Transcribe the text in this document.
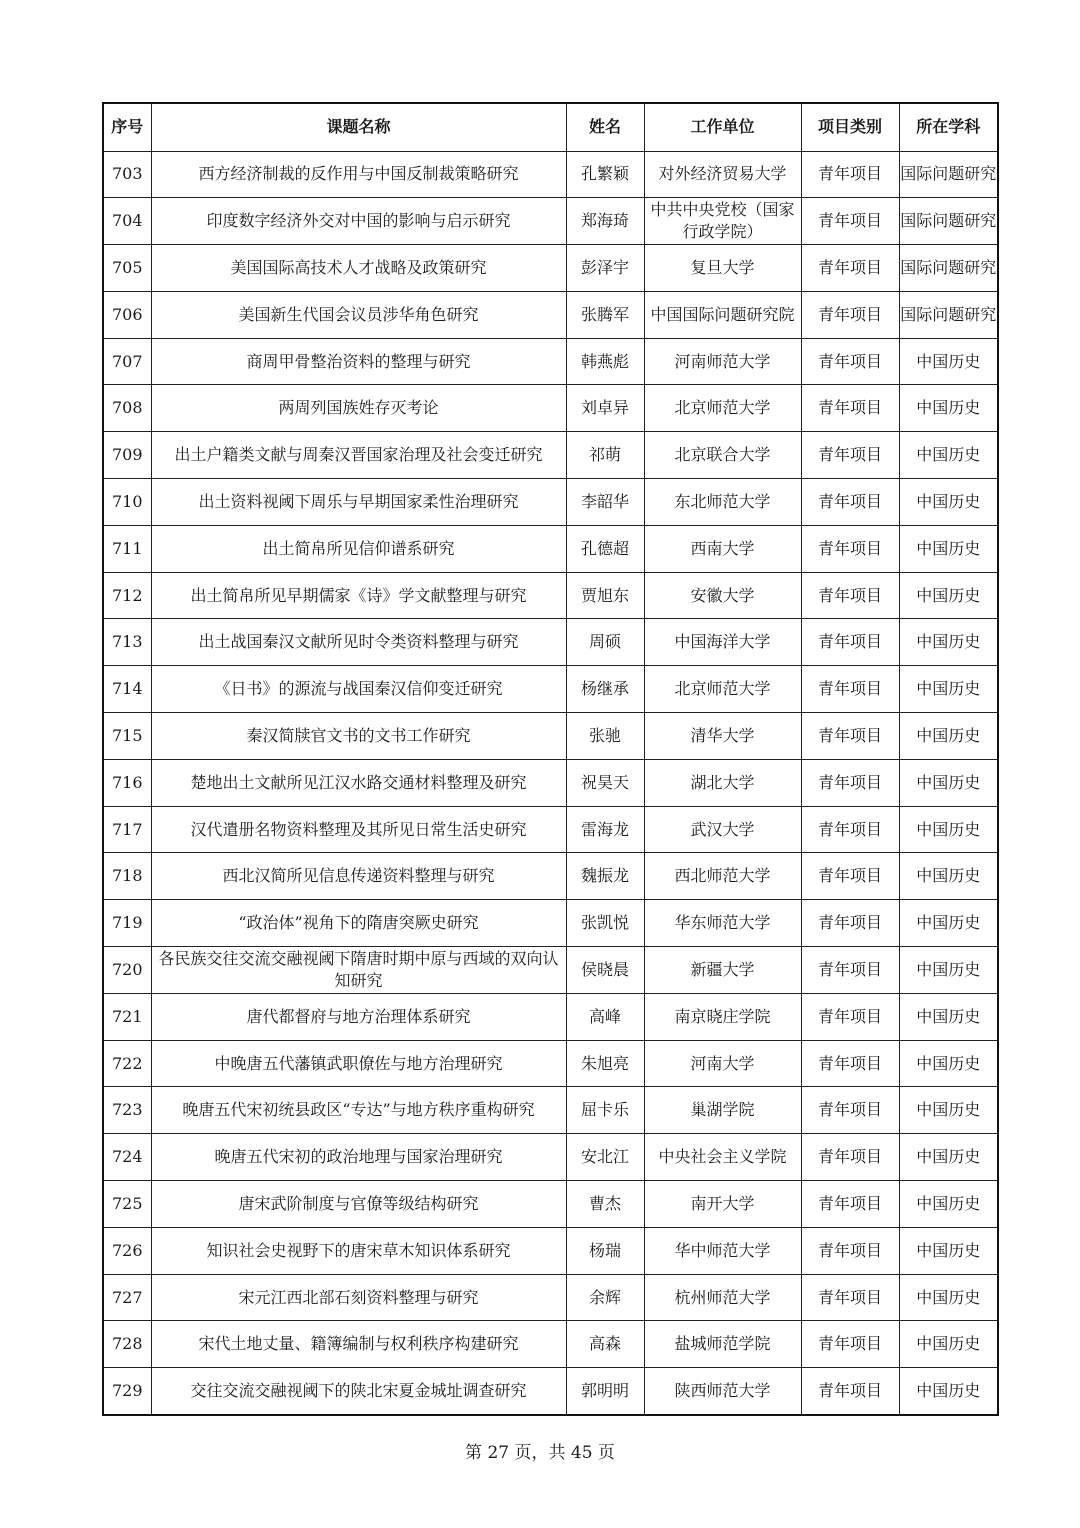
序号	课题名称	姓名	工作单位	项目类别	所在学科
703	西方经济制裁的反作用与中国反制裁策略研究	孔繁颖	对外经济贸易大学	青年项目	国际问题研究
704	印度数字经济外交对中国的影响与启示研究	郑海琦	中共中央党校（国家行政学院）	青年项目	国际问题研究
705	美国国际高技术人才战略及政策研究	彭泽宇	复旦大学	青年项目	国际问题研究
706	美国新生代国会议员涉华角色研究	张腾军	中国国际问题研究院	青年项目	国际问题研究
707	商周甲骨整治资料的整理与研究	韩燕彪	河南师范大学	青年项目	中国历史
708	两周列国族姓存灭考论	刘卓异	北京师范大学	青年项目	中国历史
709	出土户籍类文献与周秦汉晋国家治理及社会变迁研究	祁萌	北京联合大学	青年项目	中国历史
710	出土资料视阈下周乐与早期国家柔性治理研究	李韶华	东北师范大学	青年项目	中国历史
711	出土简帛所见信仰谱系研究	孔德超	西南大学	青年项目	中国历史
712	出土简帛所见早期儒家《诗》学文献整理与研究	贾旭东	安徽大学	青年项目	中国历史
713	出土战国秦汉文献所见时令类资料整理与研究	周硕	中国海洋大学	青年项目	中国历史
714	《日书》的源流与战国秦汉信仰变迁研究	杨继承	北京师范大学	青年项目	中国历史
715	秦汉简牍官文书的文书工作研究	张驰	清华大学	青年项目	中国历史
716	楚地出土文献所见江汉水路交通材料整理及研究	祝昊天	湖北大学	青年项目	中国历史
717	汉代遣册名物资料整理及其所见日常生活史研究	雷海龙	武汉大学	青年项目	中国历史
718	西北汉简所见信息传递资料整理与研究	魏振龙	西北师范大学	青年项目	中国历史
719	“政治体”视角下的隋唐突厥史研究	张凯悦	华东师范大学	青年项目	中国历史
720	各民族交往交流交融视阈下隋唐时期中原与西域的双向认知研究	侯晓晨	新疆大学	青年项目	中国历史
721	唐代都督府与地方治理体系研究	高峰	南京晓庄学院	青年项目	中国历史
722	中晚唐五代藩镇武职僚佐与地方治理研究	朱旭亮	河南大学	青年项目	中国历史
723	晚唐五代宋初统县政区“专达”与地方秩序重构研究	屈卡乐	巢湖学院	青年项目	中国历史
724	晚唐五代宋初的政治地理与国家治理研究	安北江	中央社会主义学院	青年项目	中国历史
725	唐宋武阶制度与官僚等级结构研究	曹杰	南开大学	青年项目	中国历史
726	知识社会史视野下的唐宋草木知识体系研究	杨瑞	华中师范大学	青年项目	中国历史
727	宋元江西北部石刻资料整理与研究	余辉	杭州师范大学	青年项目	中国历史
728	宋代土地丈量、籍簿编制与权利秩序构建研究	高森	盐城师范学院	青年项目	中国历史
729	交往交流交融视阈下的陕北宋夏金城址调查研究	郭明明	陕西师范大学	青年项目	中国历史
第 27 页，共 45 页
